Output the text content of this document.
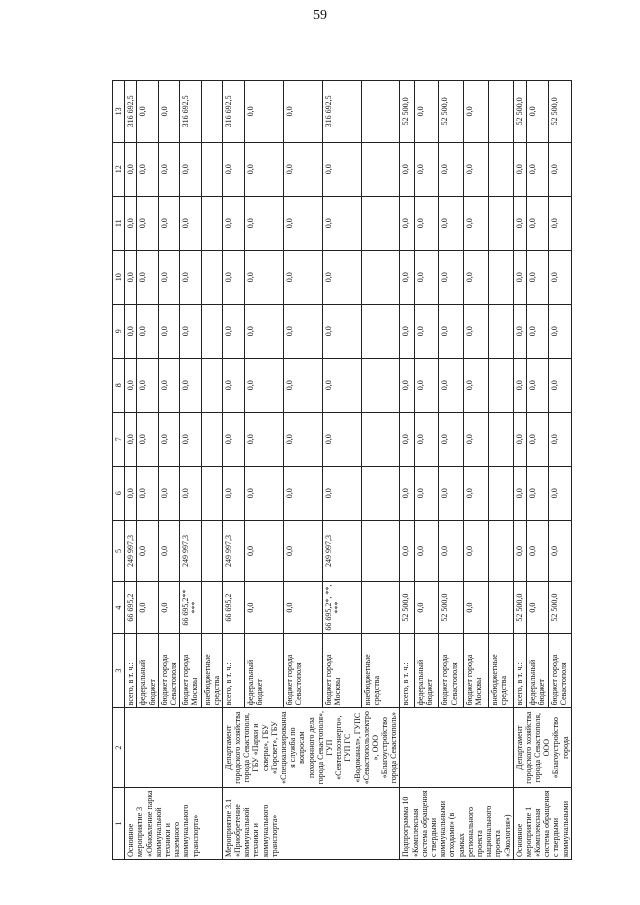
59
1	2	3	4	5	6	7	8	9	10	11	12	13
Основное мероприятие 3 «Обновление парка коммунальной техники и наземного коммунального транспорта»		всего, в т. ч.:	66 695,2	249 997,3	0,0	0,0	0,0	0,0	0,0	0,0	0,0	316 692,5
		федеральный бюджет	0,0	0,0	0,0	0,0	0,0	0,0	0,0	0,0	0,0	0,0
		бюджет города Севастополя	0,0	0,0	0,0	0,0	0,0	0,0	0,0	0,0	0,0	0,0
		бюджет города Москвы	66 695,2** ***	249 997,3	0,0	0,0	0,0	0,0	0,0	0,0	0,0	316 692,5
		внебюджетные средства										
Мероприятие 3.1 «Приобретение коммунальной техники и коммунального транспорта»	Департамент городского хозяйства города Севастополя, ГБУ «Парки и скверы», ГБУ «Горсвет», ГБУ «Специализированная служба по вопросам похоронного дела города Севастополя», ГУП «Севтеплоэнерго», ГУП ГС «Водоканал», ГУПС «Севастопольэлектро», ООО «Благоустройство города Севастополь»	всего, в т. ч.:	66 695,2	249 997,3	0,0	0,0	0,0	0,0	0,0	0,0	0,0	316 692,5
		федеральный бюджет	0,0	0,0	0,0	0,0	0,0	0,0	0,0	0,0	0,0	0,0
		бюджет города Севастополя	0,0	0,0	0,0	0,0	0,0	0,0	0,0	0,0	0,0	0,0
		бюджет города Москвы	66 695,2*, **, ***	249 997,3	0,0	0,0	0,0	0,0	0,0	0,0	0,0	316 692,5
		внебюджетные средства										
Подпрограмма 10 «Комплексная система обращения с твердыми коммунальными отходами» (в рамках регионального проекта национального проекта «Экология»)		всего, в т. ч.:	52 500,0	0,0	0,0	0,0	0,0	0,0	0,0	0,0	0,0	52 500,0
		федеральный бюджет	0,0	0,0	0,0	0,0	0,0	0,0	0,0	0,0	0,0	0,0
		бюджет города Севастополя	52 500,0	0,0	0,0	0,0	0,0	0,0	0,0	0,0	0,0	52 500,0
		бюджет города Москвы	0,0	0,0	0,0	0,0	0,0	0,0	0,0	0,0	0,0	0,0
		внебюджетные средства										
Основное мероприятие 1 «Комплексная система обращения с твердыми коммунальными	Департамент городского хозяйства города Севастополя, ООО «Благоустройство города	всего, в т. ч.:	52 500,0	0,0	0,0	0,0	0,0	0,0	0,0	0,0	0,0	52 500,0
		федеральный бюджет	0,0	0,0	0,0	0,0	0,0	0,0	0,0	0,0	0,0	0,0
		бюджет города Севастополя	52 500,0	0,0	0,0	0,0	0,0	0,0	0,0	0,0	0,0	52 500,0
